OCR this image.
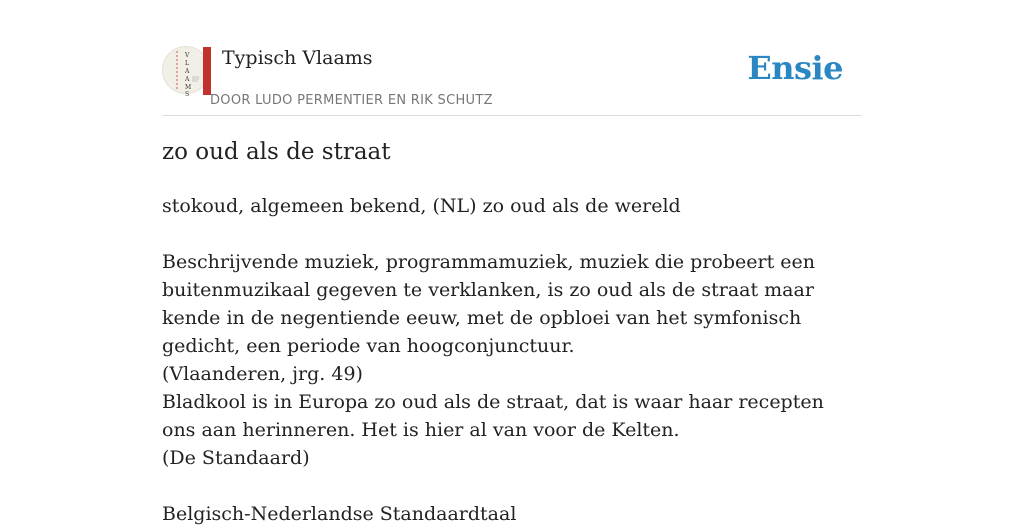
V
L
A
A
M
S
Typisch Vlaams
DOOR LUDO PERMENTIER EN RIK SCHUTZ
Ensie
zo oud als de straat

stokoud, algemeen bekend, (NL) zo oud als de wereld

Beschrijvende muziek, programmamuziek, muziek die probeert een buitenmuzikaal gegeven te verklanken, is zo oud als de straat maar kende in de negentiende eeuw, met de opbloei van het symfonisch gedicht, een periode van hoogconjunctuur.

(Vlaanderen, jrg. 49)

Bladkool is in Europa zo oud als de straat, dat is waar haar recepten ons aan herinneren. Het is hier al van voor de Kelten.

(De Standaard)

Belgisch-Nederlandse Standaardtaal
